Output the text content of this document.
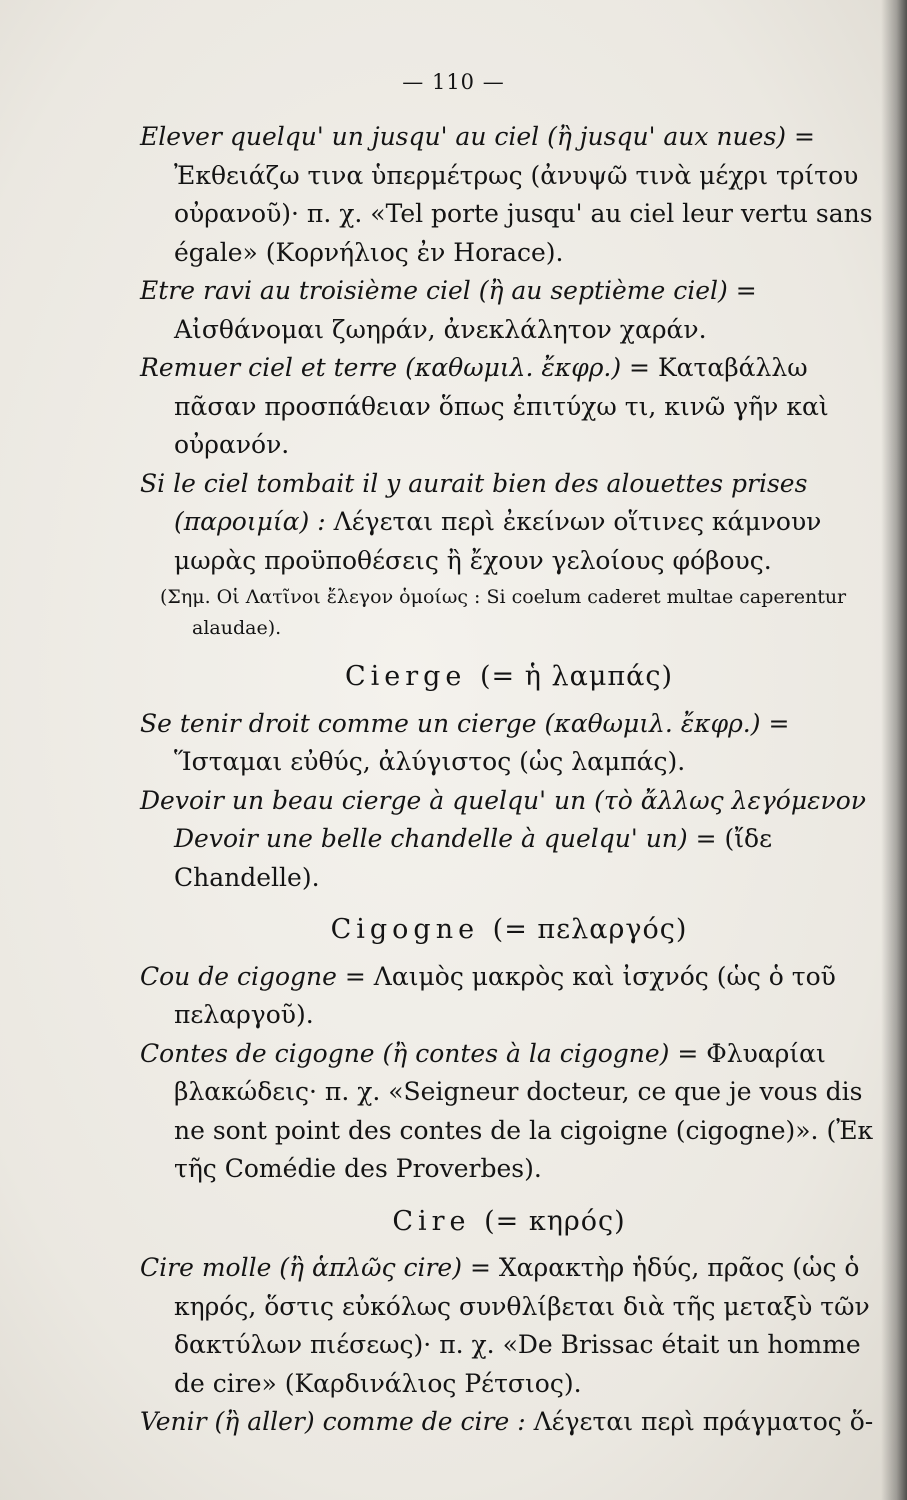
— 110 —

Elever quelqu' un jusqu' au ciel (ἢ jusqu' aux nues) = Ἐκθειάζω τινα ὑπερμέτρως (ἀνυψῶ τινὰ μέχρι τρίτου οὐρανοῦ)· π. χ. «Tel porte jusqu' au ciel leur vertu sans égale» (Κορνήλιος ἐν Horace).

Etre ravi au troisième ciel (ἢ au septième ciel) = Αἰσθάνομαι ζωηράν, ἀνεκλάλητον χαράν.

Remuer ciel et terre (καθωμιλ. ἔκφρ.) = Καταβάλλω πᾶσαν προσπάθειαν ὅπως ἐπιτύχω τι, κινῶ γῆν καὶ οὐρανόν.

Si le ciel tombait il y aurait bien des alouettes prises (παροιμία) : Λέγεται περὶ ἐκείνων οἵτινες κάμνουν μωρὰς προϋποθέσεις ἢ ἔχουν γελοίους φόβους.

(Σημ. Οἱ Λατῖνοι ἔλεγον ὁμοίως : Si coelum caderet multae caperentur alaudae).

Cierge (= ἡ λαμπάς)

Se tenir droit comme un cierge (καθωμιλ. ἔκφρ.) = Ἵσταμαι εὐθύς, ἀλύγιστος (ὡς λαμπάς).

Devoir un beau cierge à quelqu' un (τὸ ἄλλως λεγόμενον Devoir une belle chandelle à quelqu' un) = (ἴδε Chandelle).

Cigogne (= πελαργός)

Cou de cigogne = Λαιμὸς μακρὸς καὶ ἰσχνός (ὡς ὁ τοῦ πελαργοῦ).

Contes de cigogne (ἢ contes à la cigogne) = Φλυαρίαι βλακώδεις· π. χ. «Seigneur docteur, ce que je vous dis ne sont point des contes de la cigoigne (cigogne)». (Ἐκ τῆς Comédie des Proverbes).

Cire (= κηρός)

Cire molle (ἢ ἁπλῶς cire) = Χαρακτὴρ ἡδύς, πρᾶος (ὡς ὁ κηρός, ὅστις εὐκόλως συνθλίβεται διὰ τῆς μεταξὺ τῶν δακτύλων πιέσεως)· π. χ. «De Brissac était un homme de cire» (Καρδινάλιος Ρέτσιος).

Venir (ἢ aller) comme de cire : Λέγεται περὶ πράγματος ὅ-
